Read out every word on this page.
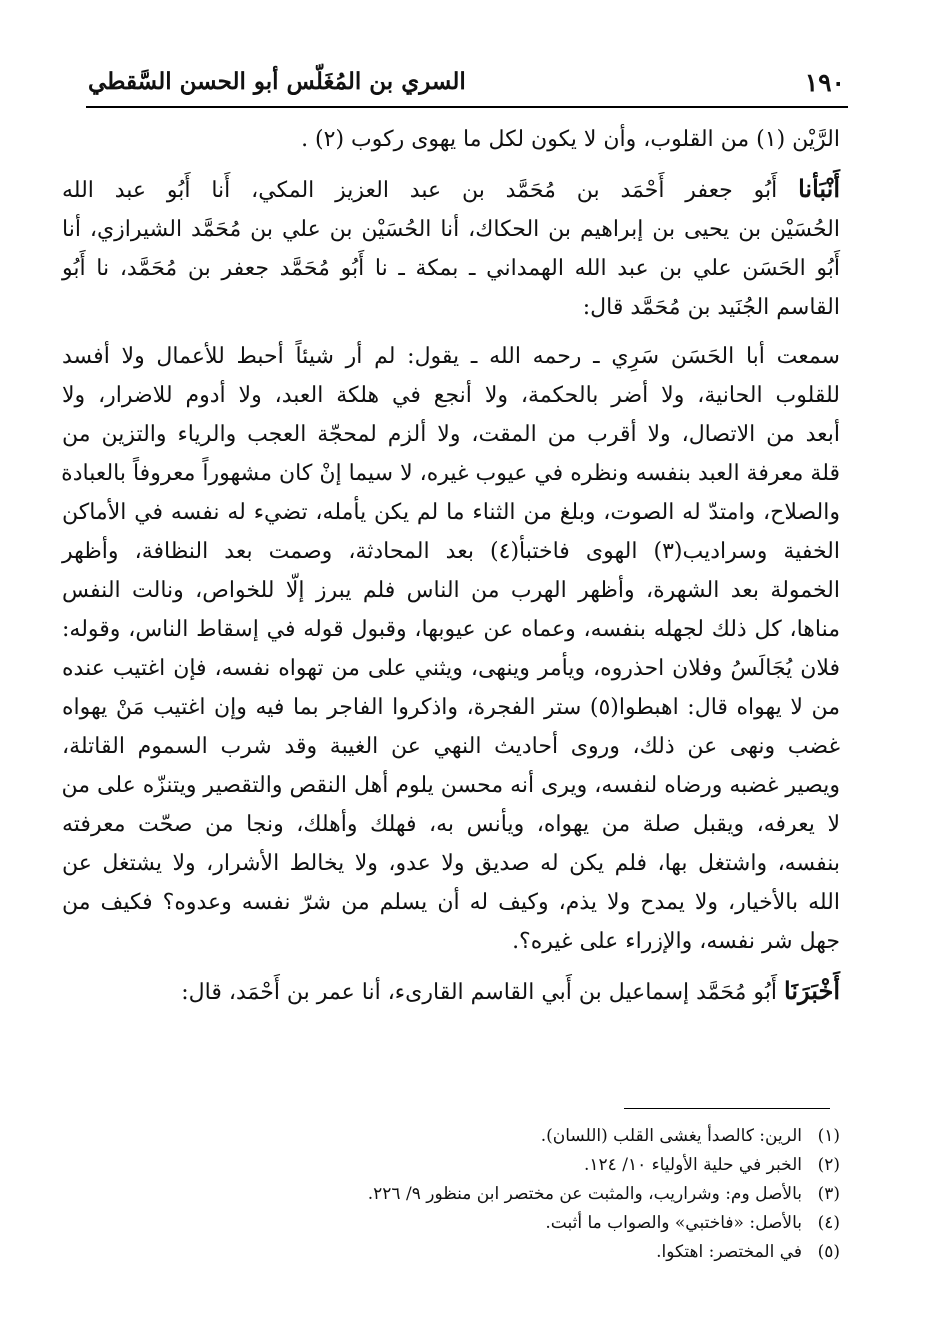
١٩٠
السري بن المُغَلّس أبو الحسن السَّقطي

الرَّيْن (١) من القلوب، وأن لا يكون لكل ما يهوى ركوب (٢) .

أَنْبَأنا أَبُو جعفر أَحْمَد بن مُحَمَّد بن عبد العزيز المكي، أَنا أَبُو عبد الله
الحُسَيْن بن يحيى بن إبراهيم بن الحكاك، أنا الحُسَيْن بن علي بن مُحَمَّد الشيرازي، أنا
أَبُو الحَسَن علي بن عبد الله الهمداني ـ بمكة ـ نا أَبُو مُحَمَّد جعفر بن مُحَمَّد، نا أَبُو
القاسم الجُنَيد بن مُحَمَّد قال:

سمعت أبا الحَسَن سَرِي ـ رحمه الله ـ يقول: لم أر شيئاً أحبط للأعمال ولا أفسد
للقلوب الحانية، ولا أضر بالحكمة، ولا أنجع في هلكة العبد، ولا أدوم للاضرار، ولا
أبعد من الاتصال، ولا أقرب من المقت، ولا ألزم لمحجّة العجب والرياء والتزين من
قلة معرفة العبد بنفسه ونظره في عيوب غيره، لا سيما إنْ كان مشهوراً معروفاً بالعبادة
والصلاح، وامتدّ له الصوت، وبلغ من الثناء ما لم يكن يأمله، تضيء له نفسه في الأماكن
الخفية وسراديب(٣) الهوى فاختبأ(٤) بعد المحادثة، وصمت بعد النظافة، وأظهر
الخمولة بعد الشهرة، وأظهر الهرب من الناس فلم يبرز إلّا للخواص، ونالت النفس
مناها، كل ذلك لجهله بنفسه، وعماه عن عيوبها، وقبول قوله في إسقاط الناس، وقوله:
فلان يُجَالَسُ وفلان احذروه، ويأمر وينهى، ويثني على من تهواه نفسه، فإن اغتيب عنده
من لا يهواه قال: اهبطوا(٥) ستر الفجرة، واذكروا الفاجر بما فيه وإن اغتيب مَنْ يهواه
غضب ونهى عن ذلك، وروى أحاديث النهي عن الغيبة وقد شرب السموم القاتلة،
ويصير غضبه ورضاه لنفسه، ويرى أنه محسن يلوم أهل النقص والتقصير ويتنزّه على من
لا يعرفه، ويقبل صلة من يهواه، ويأنس به، فهلك وأهلك، ونجا من صحّت معرفته
بنفسه، واشتغل بها، فلم يكن له صديق ولا عدو، ولا يخالط الأشرار، ولا يشتغل عن
الله بالأخيار، ولا يمدح ولا يذم، وكيف له أن يسلم من شرّ نفسه وعدوه؟ فكيف من
جهل شر نفسه، والإزراء على غيره؟.

أَخْبَرَنَا أَبُو مُحَمَّد إسماعيل بن أَبي القاسم القارىء، أنا عمر بن أَحْمَد، قال:

(١)الرين: كالصدأ يغشى القلب (اللسان).
(٢)الخبر في حلية الأولياء ١٠/ ١٢٤.
(٣)بالأصل وم: وشراريب، والمثبت عن مختصر ابن منظور ٩/ ٢٢٦.
(٤)بالأصل: «فاختبي» والصواب ما أثبت.
(٥)في المختصر: اهتكوا.
